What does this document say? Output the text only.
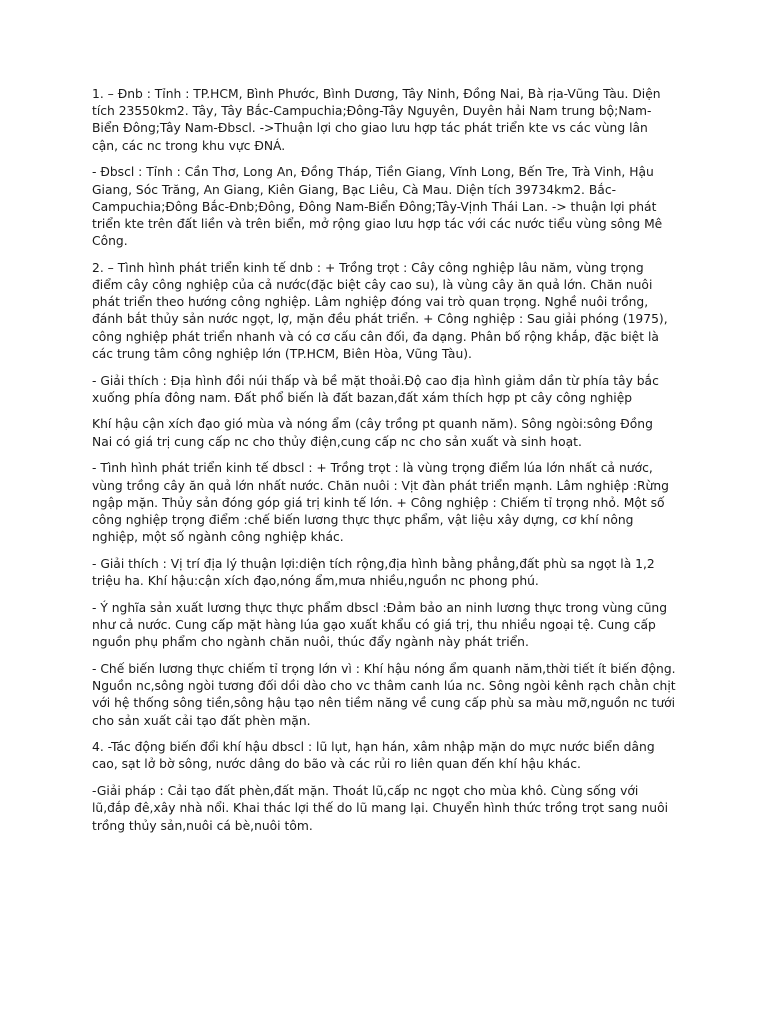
1. – Đnb : Tỉnh : TP.HCM, Bình Phước, Bình Dương, Tây Ninh, Đồng Nai, Bà rịa-Vũng Tàu. Diện tích 23550km2. Tây, Tây Bắc-Campuchia;Đông-Tây Nguyên, Duyên hải Nam trung bộ;Nam-Biển Đông;Tây Nam-Đbscl. ->Thuận lợi cho giao lưu hợp tác phát triển kte vs các vùng lân cận, các nc trong khu vực ĐNÁ.

- Đbscl : Tỉnh : Cần Thơ, Long An, Đồng Tháp, Tiền Giang, Vĩnh Long, Bến Tre, Trà Vinh, Hậu Giang, Sóc Trăng, An Giang, Kiên Giang, Bạc Liêu, Cà Mau. Diện tích 39734km2. Bắc-Campuchia;Đông Bắc-Đnb;Đông, Đông Nam-Biển Đông;Tây-Vịnh Thái Lan. -> thuận lợi phát triển kte trên đất liền và trên biển, mở rộng giao lưu hợp tác với các nước tiểu vùng sông Mê Công.

2. – Tình hình phát triển kinh tế dnb : + Trồng trọt : Cây công nghiệp lâu năm, vùng trọng điểm cây công nghiệp của cả nước(đặc biệt cây cao su), là vùng cây ăn quả lớn. Chăn nuôi phát triển theo hướng công nghiệp. Lâm nghiệp đóng vai trò quan trọng. Nghề nuôi trồng, đánh bắt thủy sản nước ngọt, lợ, mặn đều phát triển. + Công nghiệp : Sau giải phóng (1975), công nghiệp phát triển nhanh và có cơ cấu cân đối, đa dạng. Phân bố rộng khắp, đặc biệt là các trung tâm công nghiệp lớn (TP.HCM, Biên Hòa, Vũng Tàu).

- Giải thích : Địa hình đồi núi thấp và bề mặt thoải.Độ cao địa hình giảm dần từ phía tây bắc xuống phía đông nam. Đất phổ biến là đất bazan,đất xám thích hợp pt cây công nghiệp

Khí hậu cận xích đạo gió mùa và nóng ẩm (cây trồng pt quanh năm). Sông ngòi:sông Đồng Nai có giá trị cung cấp nc cho thủy điện,cung cấp nc cho sản xuất và sinh hoạt.

- Tình hình phát triển kinh tế dbscl : + Trồng trọt : là vùng trọng điểm lúa lớn nhất cả nước, vùng trồng cây ăn quả lớn nhất nước. Chăn nuôi : Vịt đàn phát triển mạnh. Lâm nghiệp :Rừng ngập mặn. Thủy sản đóng góp giá trị kinh tế lớn. + Công nghiệp : Chiếm tỉ trọng nhỏ. Một số công nghiệp trọng điểm :chế biến lương thực thực phẩm, vật liệu xây dựng, cơ khí nông nghiệp, một số ngành công nghiệp khác.

- Giải thích : Vị trí địa lý thuận lợi:diện tích rộng,địa hình bằng phẳng,đất phù sa ngọt là 1,2 triệu ha. Khí hậu:cận xích đạo,nóng ẩm,mưa nhiều,nguồn nc phong phú.

- Ý nghĩa sản xuất lương thực thực phẩm dbscl :Đảm bảo an ninh lương thực trong vùng cũng như cả nước. Cung cấp mặt hàng lúa gạo xuất khẩu có giá trị, thu nhiều ngoại tệ. Cung cấp nguồn phụ phẩm cho ngành chăn nuôi, thúc đẩy ngành này phát triển.

- Chế biến lương thực chiếm tỉ trọng lớn vì : Khí hậu nóng ẩm quanh năm,thời tiết ít biến động. Nguồn nc,sông ngòi tương đối dồi dào cho vc thâm canh lúa nc. Sông ngòi kênh rạch chằn chịt với hệ thống sông tiền,sông hậu tạo nên tiềm năng về cung cấp phù sa màu mỡ,nguồn nc tưới cho sản xuất cải tạo đất phèn mặn.

4. -Tác động biến đổi khí hậu dbscl : lũ lụt, hạn hán, xâm nhập mặn do mực nước biển dâng cao, sạt lở bờ sông, nước dâng do bão và các rủi ro liên quan đến khí hậu khác.

-Giải pháp : Cải tạo đất phèn,đất mặn. Thoát lũ,cấp nc ngọt cho mùa khô. Cùng sống với lũ,đắp đê,xây nhà nổi. Khai thác lợi thế do lũ mang lại. Chuyển hình thức trồng trọt sang nuôi trồng thủy sản,nuôi cá bè,nuôi tôm.
